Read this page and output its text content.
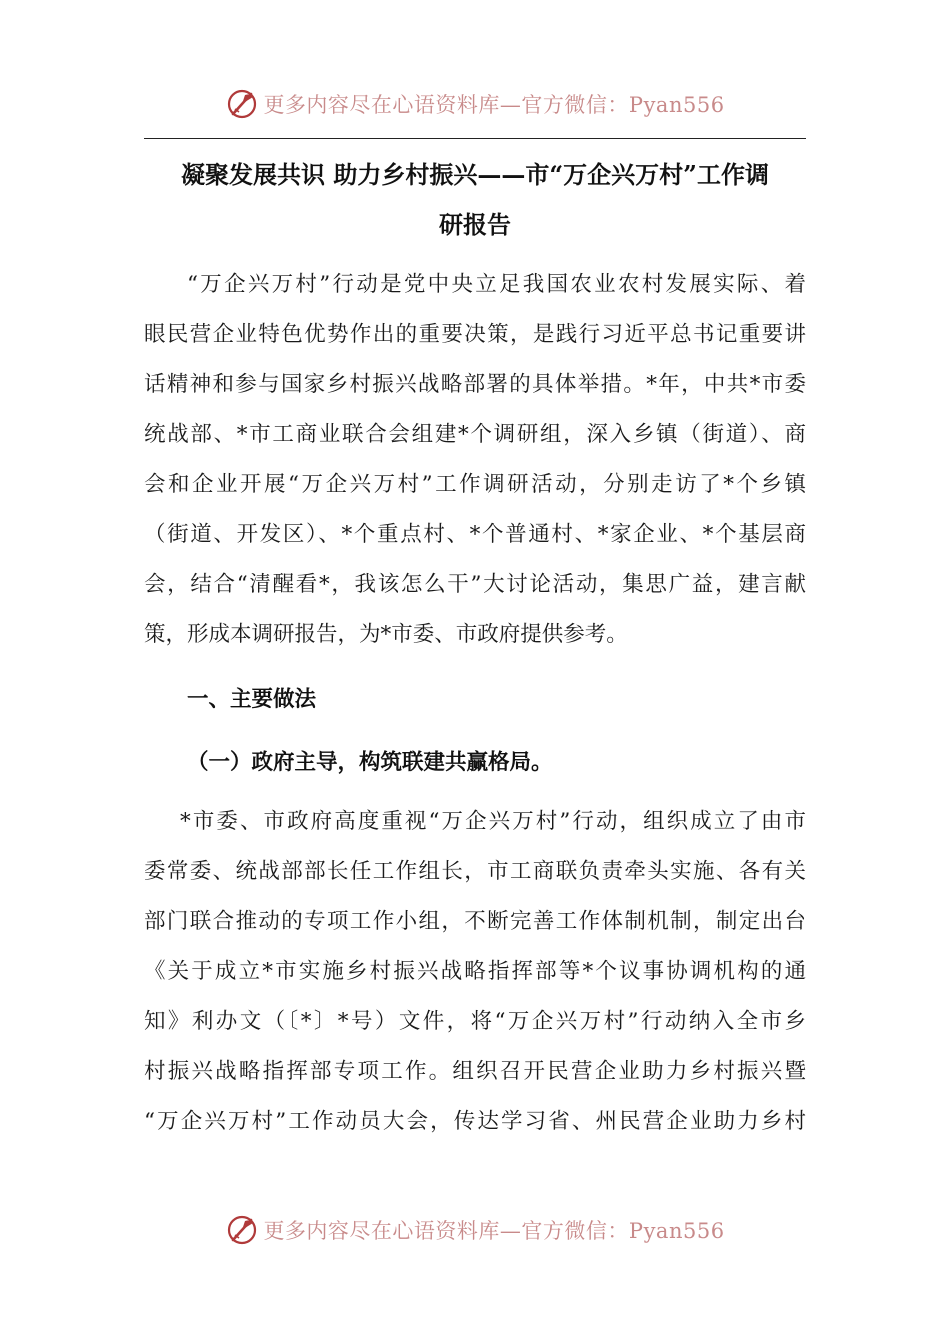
更多内容尽在心语资料库—官方微信：Pyan556
凝聚发展共识 助力乡村振兴——市“万企兴万村”工作调
研报告

“万企兴万村”行动是党中央立足我国农业农村发展实际、着
眼民营企业特色优势作出的重要决策，是践行习近平总书记重要讲
话精神和参与国家乡村振兴战略部署的具体举措。*年，中共*市委
统战部、*市工商业联合会组建*个调研组，深入乡镇（街道）、商
会和企业开展“万企兴万村”工作调研活动，分别走访了*个乡镇
（街道、开发区）、*个重点村、*个普通村、*家企业、*个基层商
会，结合“清醒看*，我该怎么干”大讨论活动，集思广益，建言献
策，形成本调研报告，为*市委、市政府提供参考。

一、主要做法
（一）政府主导，构筑联建共赢格局。

*市委、市政府高度重视“万企兴万村”行动，组织成立了由市
委常委、统战部部长任工作组长，市工商联负责牵头实施、各有关
部门联合推动的专项工作小组，不断完善工作体制机制，制定出台
《关于成立*市实施乡村振兴战略指挥部等*个议事协调机构的通
知》利办文（〔*〕*号）文件，将“万企兴万村”行动纳入全市乡
村振兴战略指挥部专项工作。组织召开民营企业助力乡村振兴暨
“万企兴万村”工作动员大会，传达学习省、州民营企业助力乡村

更多内容尽在心语资料库—官方微信：Pyan556
